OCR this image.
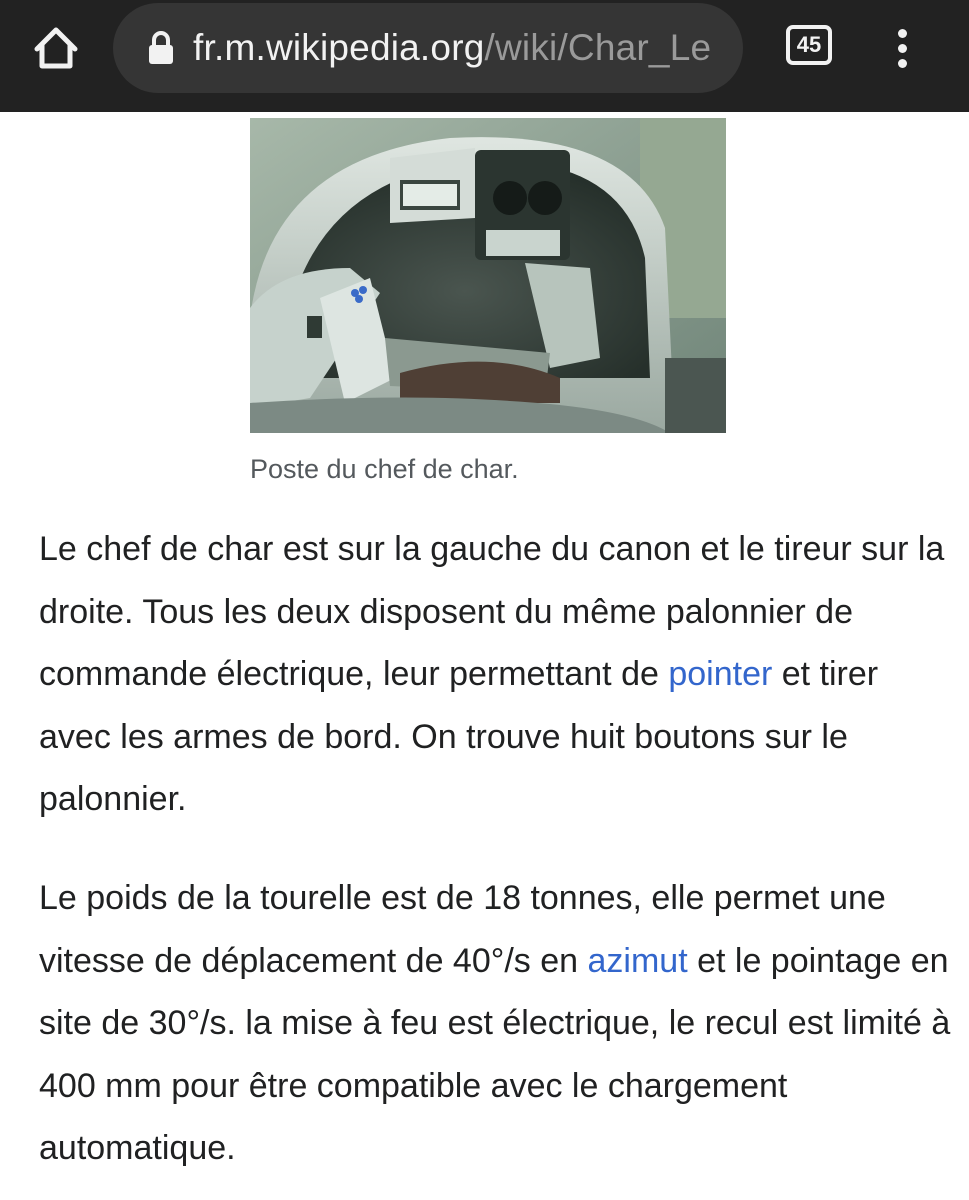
fr.m.wikipedia.org/wiki/Char_Le	45
Poste du chef de char.

Le chef de char est sur la gauche du canon et le tireur sur la droite. Tous les deux disposent du même palonnier de commande électrique, leur permettant de pointer et tirer avec les armes de bord. On trouve huit boutons sur le palonnier.

Le poids de la tourelle est de 18 tonnes, elle permet une vitesse de déplacement de 40°/s en azimut et le pointage en site de 30°/s. la mise à feu est électrique, le recul est limité à 400 mm pour être compatible avec le chargement automatique.
